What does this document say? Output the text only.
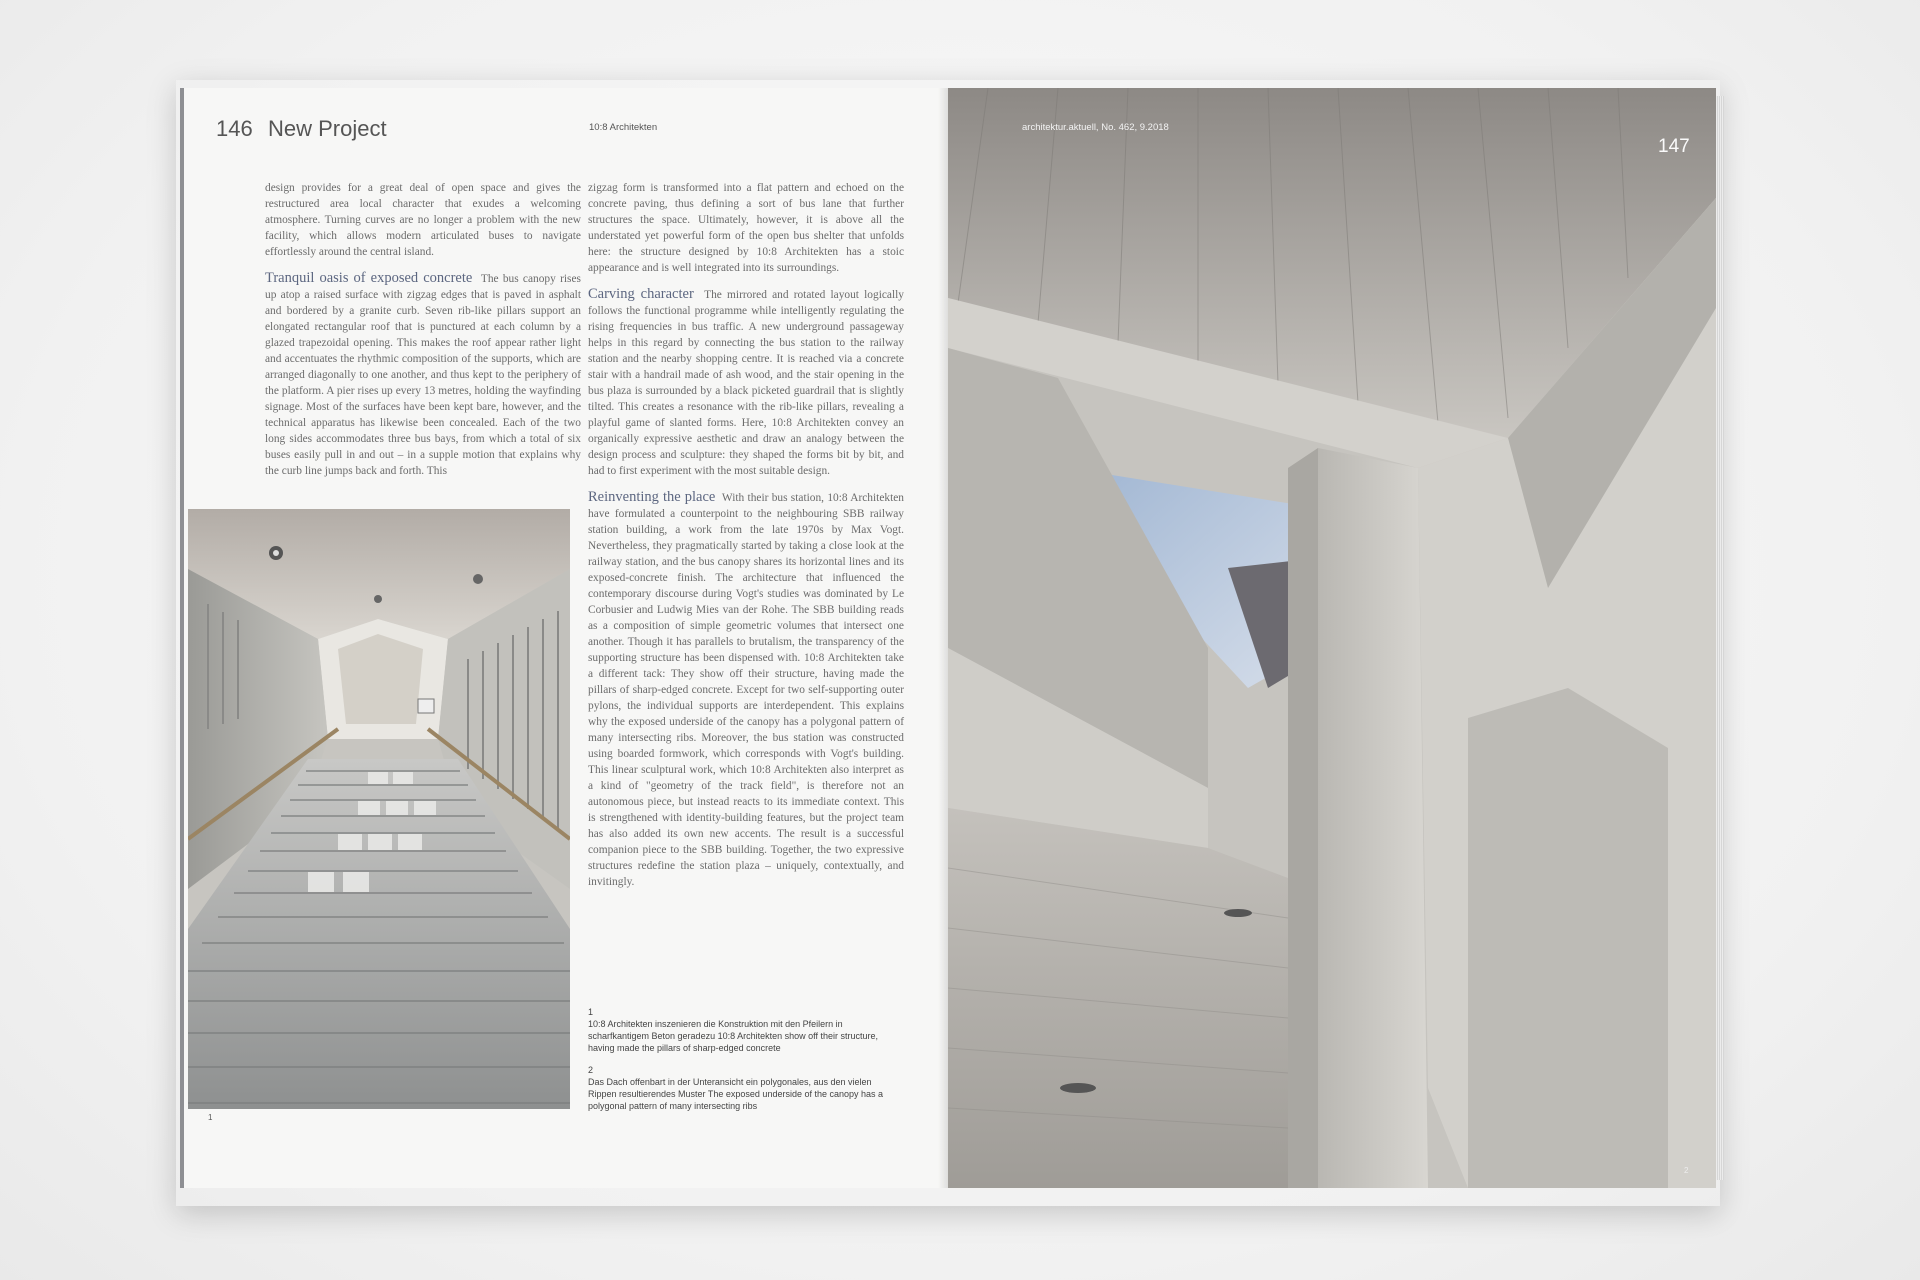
146 New Project	10:8 Architekten

design provides for a great deal of open space and gives the restructured area local character that exudes a welcoming atmosphere. Turning curves are no longer a problem with the new facility, which allows modern articulated buses to navigate effortlessly around the central island.

Tranquil oasis of exposed concrete The bus canopy rises up atop a raised surface with zigzag edges that is paved in asphalt and bordered by a granite curb. Seven rib-like pillars support an elongated rectangular roof that is punctured at each column by a glazed trapezoidal opening. This makes the roof appear rather light and accentuates the rhythmic composition of the supports, which are arranged diagonally to one another, and thus kept to the periphery of the platform. A pier rises up every 13 metres, holding the wayfinding signage. Most of the surfaces have been kept bare, however, and the technical apparatus has likewise been concealed. Each of the two long sides accommodates three bus bays, from which a total of six buses easily pull in and out – in a supple motion that explains why the curb line jumps back and forth. This

zigzag form is transformed into a flat pattern and echoed on the concrete paving, thus defining a sort of bus lane that further structures the space. Ultimately, however, it is above all the understated yet powerful form of the open bus shelter that unfolds here: the structure designed by 10:8 Architekten has a stoic appearance and is well integrated into its surroundings.

Carving character The mirrored and rotated layout logically follows the functional programme while intelligently regulating the rising frequencies in bus traffic. A new underground passageway helps in this regard by connecting the bus station to the railway station and the nearby shopping centre. It is reached via a concrete stair with a handrail made of ash wood, and the stair opening in the bus plaza is surrounded by a black picketed guardrail that is slightly tilted. This creates a resonance with the rib-like pillars, revealing a playful game of slanted forms. Here, 10:8 Architekten convey an organically expressive aesthetic and draw an analogy between the design process and sculpture: they shaped the forms bit by bit, and had to first experiment with the most suitable design.

Reinventing the place With their bus station, 10:8 Architekten have formulated a counterpoint to the neighbouring SBB railway station building, a work from the late 1970s by Max Vogt. Nevertheless, they pragmatically started by taking a close look at the railway station, and the bus canopy shares its horizontal lines and its exposed-concrete finish. The architecture that influenced the contemporary discourse during Vogt's studies was dominated by Le Corbusier and Ludwig Mies van der Rohe. The SBB building reads as a composition of simple geometric volumes that intersect one another. Though it has parallels to brutalism, the transparency of the supporting structure has been dispensed with. 10:8 Architekten take a different tack: They show off their structure, having made the pillars of sharp-edged concrete. Except for two self-supporting outer pylons, the individual supports are interdependent. This explains why the exposed underside of the canopy has a polygonal pattern of many intersecting ribs. Moreover, the bus station was constructed using boarded formwork, which corresponds with Vogt's building. This linear sculptural work, which 10:8 Architekten also interpret as a kind of "geometry of the track field", is therefore not an autonomous piece, but instead reacts to its immediate context. This is strengthened with identity-building features, but the project team has also added its own new accents. The result is a successful companion piece to the SBB building. Together, the two expressive structures redefine the station plaza – uniquely, contextually, and invitingly.

1
1
10:8 Architekten inszenieren die Konstruktion mit den Pfeilern in scharfkantigem Beton geradezu 10:8 Architekten show off their structure, having made the pillars of sharp-edged concrete
2
Das Dach offenbart in der Unteransicht ein polygonales, aus den vielen Rippen resultierendes Muster The exposed underside of the canopy has a polygonal pattern of many intersecting ribs
architektur.aktuell, No. 462, 9.2018
147
2
